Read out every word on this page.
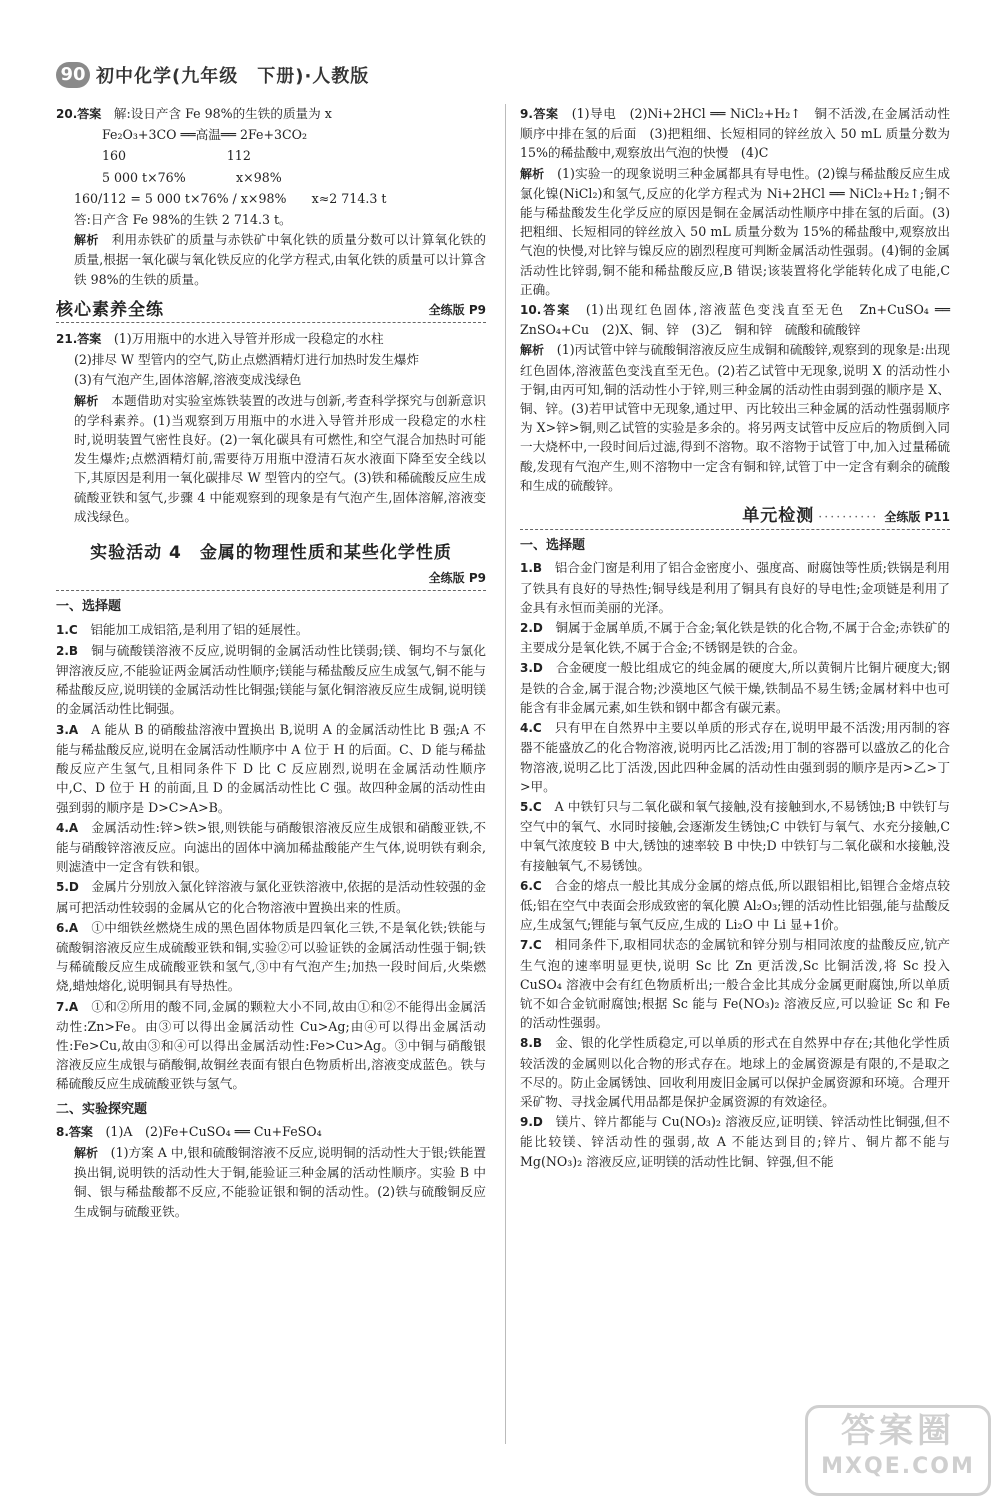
90 初中化学(九年级　下册)·人教版

20.答案　 解:设日产含 Fe 98%的生铁的质量为 x

Fe₂O₃+3CO ══高温══ 2Fe+3CO₂

160　　　　　　　　112

5 000 t×76%　　　　x×98%

160/112 = 5 000 t×76% / x×98%　　x≈2 714.3 t

答:日产含 Fe 98%的生铁 2 714.3 t。

解析　 利用赤铁矿的质量与赤铁矿中氧化铁的质量分数可以计算氧化铁的质量,根据一氧化碳与氧化铁反应的化学方程式,由氧化铁的质量可以计算含铁 98%的生铁的质量。

核心素养全练	全练版 P9

21.答案　 (1)万用瓶中的水进入导管并形成一段稳定的水柱

(2)排尽 W 型管内的空气,防止点燃酒精灯进行加热时发生爆炸

(3)有气泡产生,固体溶解,溶液变成浅绿色

解析　 本题借助对实验室炼铁装置的改进与创新,考查科学探究与创新意识的学科素养。(1)当观察到万用瓶中的水进入导管并形成一段稳定的水柱时,说明装置气密性良好。(2)一氧化碳具有可燃性,和空气混合加热时可能发生爆炸;点燃酒精灯前,需要待万用瓶中澄清石灰水液面下降至安全线以下,其原因是利用一氧化碳排尽 W 型管内的空气。(3)铁和稀硫酸反应生成硫酸亚铁和氢气,步骤 4 中能观察到的现象是有气泡产生,固体溶解,溶液变成浅绿色。

实验活动 4　金属的物理性质和某些化学性质
全练版 P9
一、选择题

1.C　 铝能加工成铝箔,是利用了铝的延展性。

2.B　 铜与硫酸镁溶液不反应,说明铜的金属活动性比镁弱;镁、铜均不与氯化钾溶液反应,不能验证两金属活动性顺序;镁能与稀盐酸反应生成氢气,铜不能与稀盐酸反应,说明镁的金属活动性比铜强;镁能与氯化铜溶液反应生成铜,说明镁的金属活动性比铜强。

3.A　 A 能从 B 的硝酸盐溶液中置换出 B,说明 A 的金属活动性比 B 强;A 不能与稀盐酸反应,说明在金属活动性顺序中 A 位于 H 的后面。C、D 能与稀盐酸反应产生氢气,且相同条件下 D 比 C 反应剧烈,说明在金属活动性顺序中,C、D 位于 H 的前面,且 D 的金属活动性比 C 强。故四种金属的活动性由强到弱的顺序是 D>C>A>B。

4.A　 金属活动性:锌>铁>银,则铁能与硝酸银溶液反应生成银和硝酸亚铁,不能与硝酸锌溶液反应。向滤出的固体中滴加稀盐酸能产生气体,说明铁有剩余,则滤渣中一定含有铁和银。

5.D　 金属片分别放入氯化锌溶液与氯化亚铁溶液中,依据的是活动性较强的金属可把活动性较弱的金属从它的化合物溶液中置换出来的性质。

6.A　 ①中细铁丝燃烧生成的黑色固体物质是四氧化三铁,不是氧化铁;铁能与硫酸铜溶液反应生成硫酸亚铁和铜,实验②可以验证铁的金属活动性强于铜;铁与稀硫酸反应生成硫酸亚铁和氢气,③中有气泡产生;加热一段时间后,火柴燃烧,蜡烛熔化,说明铜具有导热性。

7.A　 ①和②所用的酸不同,金属的颗粒大小不同,故由①和②不能得出金属活动性:Zn>Fe。由③可以得出金属活动性 Cu>Ag;由④可以得出金属活动性:Fe>Cu,故由③和④可以得出金属活动性:Fe>Cu>Ag。③中铜与硝酸银溶液反应生成银与硝酸铜,故铜丝表面有银白色物质析出,溶液变成蓝色。铁与稀硫酸反应生成硫酸亚铁与氢气。

二、实验探究题

8.答案　 (1)A　(2)Fe+CuSO₄ ══ Cu+FeSO₄

解析　 (1)方案 A 中,银和硫酸铜溶液不反应,说明铜的活动性大于银;铁能置换出铜,说明铁的活动性大于铜,能验证三种金属的活动性顺序。实验 B 中铜、银与稀盐酸都不反应,不能验证银和铜的活动性。(2)铁与硫酸铜反应生成铜与硫酸亚铁。

9.答案　 (1)导电　(2)Ni+2HCl ══ NiCl₂+H₂↑　铜不活泼,在金属活动性顺序中排在氢的后面　(3)把粗细、长短相同的锌丝放入 50 mL 质量分数为 15%的稀盐酸中,观察放出气泡的快慢　(4)C

解析　 (1)实验一的现象说明三种金属都具有导电性。(2)镍与稀盐酸反应生成氯化镍(NiCl₂)和氢气,反应的化学方程式为 Ni+2HCl ══ NiCl₂+H₂↑;铜不能与稀盐酸发生化学反应的原因是铜在金属活动性顺序中排在氢的后面。(3)把粗细、长短相同的锌丝放入 50 mL 质量分数为 15%的稀盐酸中,观察放出气泡的快慢,对比锌与镍反应的剧烈程度可判断金属活动性强弱。(4)铜的金属活动性比锌弱,铜不能和稀盐酸反应,B 错误;该装置将化学能转化成了电能,C 正确。

10.答案　 (1)出现红色固体,溶液蓝色变浅直至无色　Zn+CuSO₄ ══ ZnSO₄+Cu　(2)X、铜、锌　(3)乙　铜和锌　硫酸和硫酸锌

解析　 (1)丙试管中锌与硫酸铜溶液反应生成铜和硫酸锌,观察到的现象是:出现红色固体,溶液蓝色变浅直至无色。(2)若乙试管中无现象,说明 X 的活动性小于铜,由丙可知,铜的活动性小于锌,则三种金属的活动性由弱到强的顺序是 X、铜、锌。(3)若甲试管中无现象,通过甲、丙比较出三种金属的活动性强弱顺序为 X>锌>铜,则乙试管的实验是多余的。将另两支试管中反应后的物质倒入同一大烧杯中,一段时间后过滤,得到不溶物。取不溶物于试管丁中,加入过量稀硫酸,发现有气泡产生,则不溶物中一定含有铜和锌,试管丁中一定含有剩余的硫酸和生成的硫酸锌。

单元检测 ·········· 全练版 P11
一、选择题

1.B　 铝合金门窗是利用了铝合金密度小、强度高、耐腐蚀等性质;铁锅是利用了铁具有良好的导热性;铜导线是利用了铜具有良好的导电性;金项链是利用了金具有永恒而美丽的光泽。

2.D　 铜属于金属单质,不属于合金;氧化铁是铁的化合物,不属于合金;赤铁矿的主要成分是氧化铁,不属于合金;不锈钢是铁的合金。

3.D　 合金硬度一般比组成它的纯金属的硬度大,所以黄铜片比铜片硬度大;钢是铁的合金,属于混合物;沙漠地区气候干燥,铁制品不易生锈;金属材料中也可能含有非金属元素,如生铁和钢中都含有碳元素。

4.C　 只有甲在自然界中主要以单质的形式存在,说明甲最不活泼;用丙制的容器不能盛放乙的化合物溶液,说明丙比乙活泼;用丁制的容器可以盛放乙的化合物溶液,说明乙比丁活泼,因此四种金属的活动性由强到弱的顺序是丙>乙>丁>甲。

5.C　 A 中铁钉只与二氧化碳和氧气接触,没有接触到水,不易锈蚀;B 中铁钉与空气中的氧气、水同时接触,会逐渐发生锈蚀;C 中铁钉与氧气、水充分接触,C 中氧气浓度较 B 中大,锈蚀的速率较 B 中快;D 中铁钉与二氧化碳和水接触,没有接触氧气,不易锈蚀。

6.C　 合金的熔点一般比其成分金属的熔点低,所以跟铝相比,铝锂合金熔点较低;铝在空气中表面会形成致密的氧化膜 Al₂O₃;锂的活动性比铝强,能与盐酸反应,生成氢气;锂能与氧气反应,生成的 Li₂O 中 Li 显+1价。

7.C　 相同条件下,取相同状态的金属钪和锌分别与相同浓度的盐酸反应,钪产生气泡的速率明显更快,说明 Sc 比 Zn 更活泼,Sc 比铜活泼,将 Sc 投入 CuSO₄ 溶液中会有红色物质析出;一般合金比其成分金属更耐腐蚀,所以单质钪不如合金钪耐腐蚀;根据 Sc 能与 Fe(NO₃)₂ 溶液反应,可以验证 Sc 和 Fe 的活动性强弱。

8.B　 金、银的化学性质稳定,可以单质的形式在自然界中存在;其他化学性质较活泼的金属则以化合物的形式存在。地球上的金属资源是有限的,不是取之不尽的。防止金属锈蚀、回收利用废旧金属可以保护金属资源和环境。合理开采矿物、寻找金属代用品都是保护金属资源的有效途径。

9.D　 镁片、锌片都能与 Cu(NO₃)₂ 溶液反应,证明镁、锌活动性比铜强,但不能比较镁、锌活动性的强弱,故 A 不能达到目的;锌片、铜片都不能与 Mg(NO₃)₂ 溶液反应,证明镁的活动性比铜、锌强,但不能

答案圈
MXQE.COM
